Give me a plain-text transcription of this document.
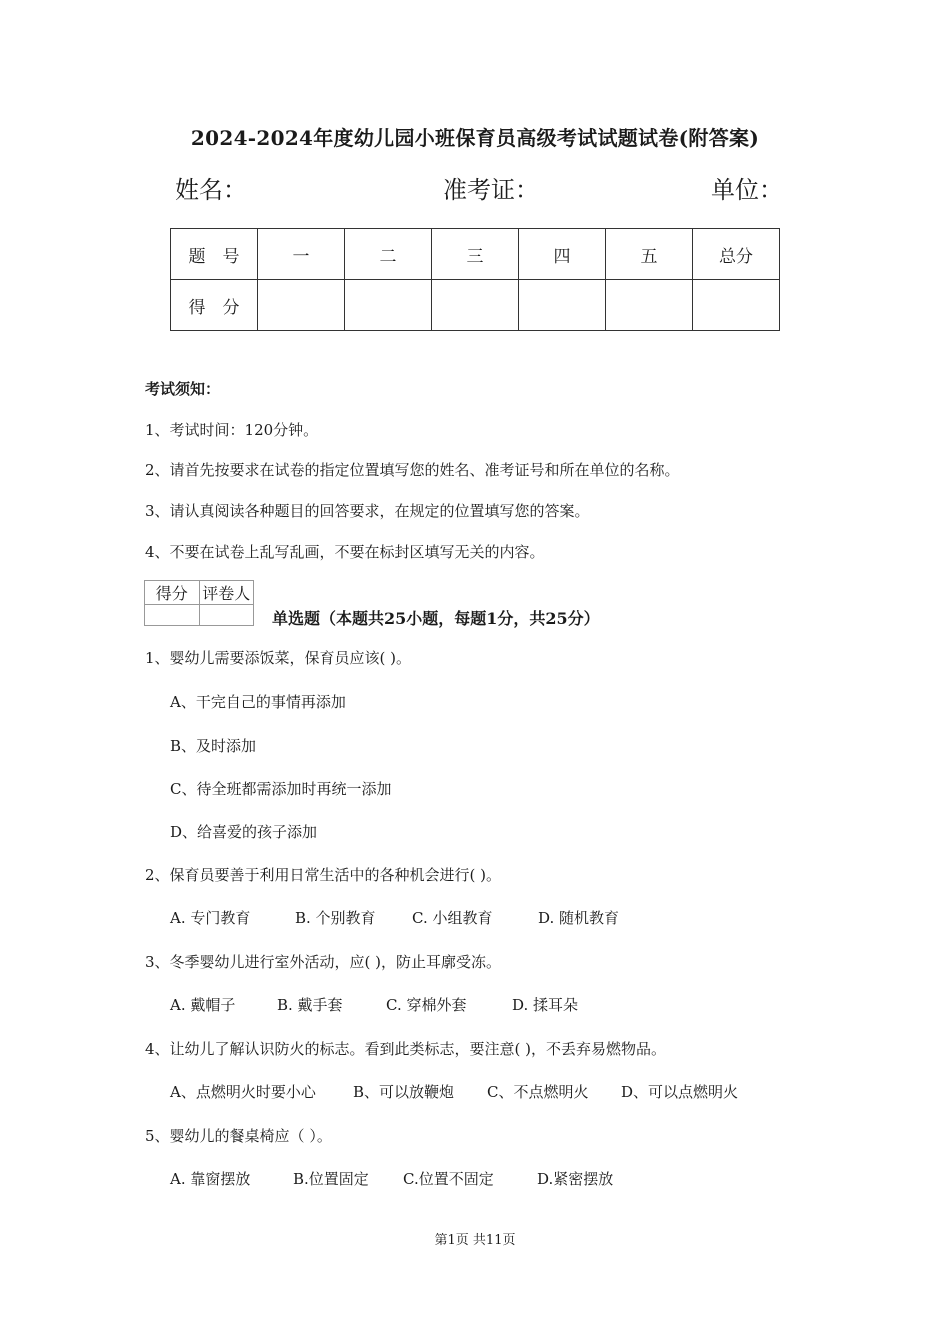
2024-2024年度幼儿园小班保育员高级考试试题试卷(附答案)
姓名：	准考证：	单位：
题　号	一	二	三	四	五	总分
得　分						
考试须知：
1、考试时间：120分钟。
2、请首先按要求在试卷的指定位置填写您的姓名、准考证号和所在单位的名称。
3、请认真阅读各种题目的回答要求，在规定的位置填写您的答案。
4、不要在试卷上乱写乱画，不要在标封区填写无关的内容。
得分	评卷人

单选题（本题共25小题，每题1分，共25分）
1、婴幼儿需要添饭菜，保育员应该( )。
A、干完自己的事情再添加
B、及时添加
C、待全班都需添加时再统一添加
D、给喜爱的孩子添加
2、保育员要善于利用日常生活中的各种机会进行( )。
A. 专门教育	B. 个别教育 C. 小组教育	D. 随机教育
3、冬季婴幼儿进行室外活动，应( )，防止耳廓受冻。
A. 戴帽子	B. 戴手套	C. 穿棉外套	D. 揉耳朵
4、让幼儿了解认识防火的标志。看到此类标志，要注意( )，不丢弃易燃物品。
A、点燃明火时要小心 B、可以放鞭炮 C、不点燃明火 D、可以点燃明火
5、婴幼儿的餐桌椅应（ ）。
A. 靠窗摆放	B.位置固定 C.位置不固定	D.紧密摆放
第1页 共11页
